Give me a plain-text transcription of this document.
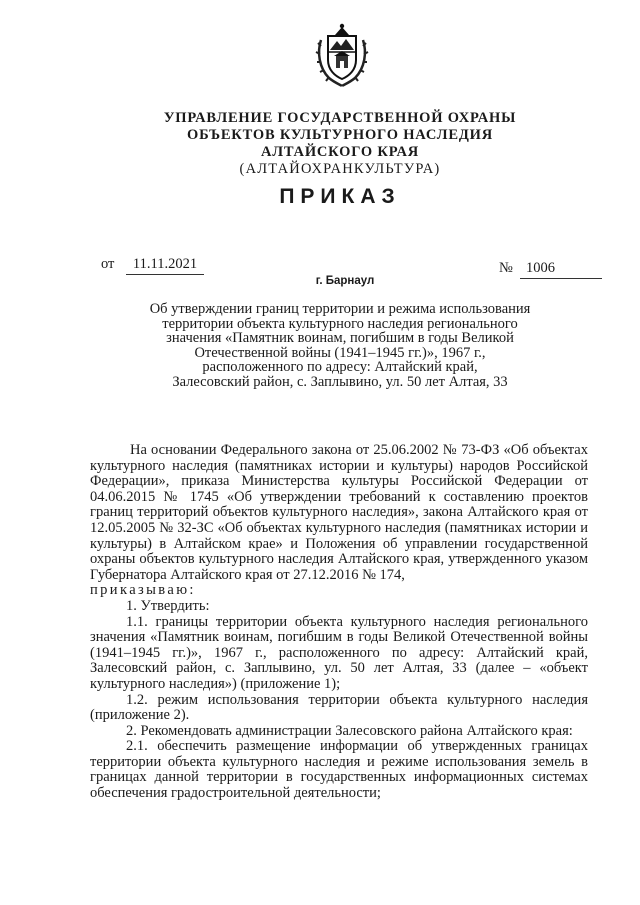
УПРАВЛЕНИЕ ГОСУДАРСТВЕННОЙ ОХРАНЫ
ОБЪЕКТОВ КУЛЬТУРНОГО НАСЛЕДИЯ
АЛТАЙСКОГО КРАЯ
(АЛТАЙОХРАНКУЛЬТУРА)
ПРИКАЗ
от	11.11.2021	№ 1006
г. Барнаул
Об утверждении границ территории и режима использования
территории объекта культурного наследия регионального
значения «Памятник воинам, погибшим в годы Великой
Отечественной войны (1941–1945 гг.)», 1967 г.,
расположенного по адресу: Алтайский край,
Залесовский район, с. Заплывино, ул. 50 лет Алтая, 33

На основании Федерального закона от 25.06.2002 № 73-ФЗ «Об объектах культурного наследия (памятниках истории и культуры) народов Российской Федерации», приказа Министерства культуры Российской Федерации от 04.06.2015 № 1745 «Об утверждении требований к составлению проектов границ территорий объектов культурного наследия», закона Алтайского края от 12.05.2005 № 32-ЗС «Об объектах культурного наследия (памятниках истории и культуры) в Алтайском крае» и Положения об управлении государственной охраны объектов культурного наследия Алтайского края, утвержденного указом Губернатора Алтайского края от 27.12.2016 № 174,

приказываю:

1. Утвердить:

1.1. границы территории объекта культурного наследия регионального значения «Памятник воинам, погибшим в годы Великой Отечественной войны (1941–1945 гг.)», 1967 г., расположенного по адресу: Алтайский край, Залесовский район, с. Заплывино, ул. 50 лет Алтая, 33 (далее – «объект культурного наследия») (приложение 1);

1.2. режим использования территории объекта культурного наследия (приложение 2).

2. Рекомендовать администрации Залесовского района Алтайского края:

2.1. обеспечить размещение информации об утвержденных границах территории объекта культурного наследия и режиме использования земель в границах данной территории в государственных информационных системах обеспечения градостроительной деятельности;
